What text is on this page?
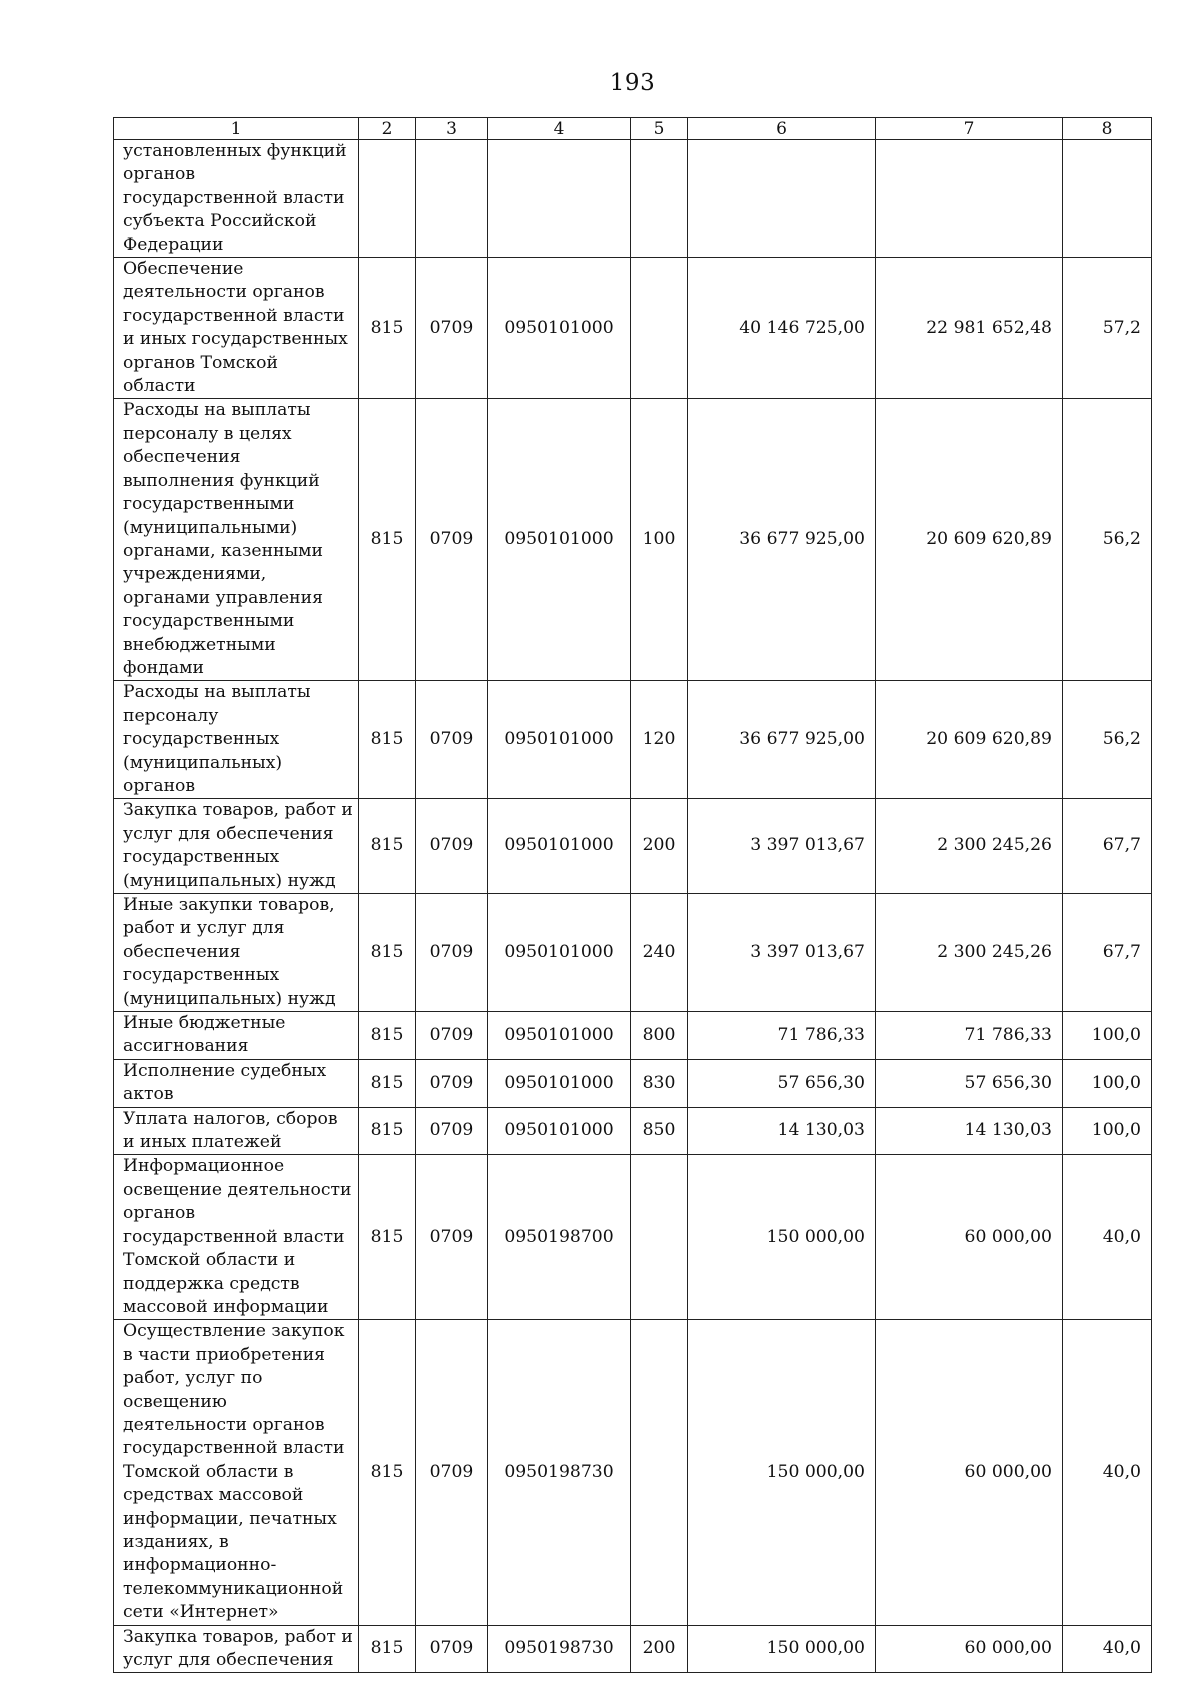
193
1	2	3	4	5	6	7	8
установленных функций органов государственной власти субъекта Российской Федерации							
Обеспечение деятельности органов государственной власти и иных государственных органов Томской области	815	0709	0950101000		40 146 725,00	22 981 652,48	57,2
Расходы на выплаты персоналу в целях обеспечения выполнения функций государственными (муниципальными) органами, казенными учреждениями, органами управления государственными внебюджетными фондами	815	0709	0950101000	100	36 677 925,00	20 609 620,89	56,2
Расходы на выплаты персоналу государственных (муниципальных) органов	815	0709	0950101000	120	36 677 925,00	20 609 620,89	56,2
Закупка товаров, работ и услуг для обеспечения государственных (муниципальных) нужд	815	0709	0950101000	200	3 397 013,67	2 300 245,26	67,7
Иные закупки товаров, работ и услуг для обеспечения государственных (муниципальных) нужд	815	0709	0950101000	240	3 397 013,67	2 300 245,26	67,7
Иные бюджетные ассигнования	815	0709	0950101000	800	71 786,33	71 786,33	100,0
Исполнение судебных актов	815	0709	0950101000	830	57 656,30	57 656,30	100,0
Уплата налогов, сборов и иных платежей	815	0709	0950101000	850	14 130,03	14 130,03	100,0
Информационное освещение деятельности органов государственной власти Томской области и поддержка средств массовой информации	815	0709	0950198700		150 000,00	60 000,00	40,0
Осуществление закупок в части приобретения работ, услуг по освещению деятельности органов государственной власти Томской области в средствах массовой информации, печатных изданиях, в информационно-телекоммуникационной сети «Интернет»	815	0709	0950198730		150 000,00	60 000,00	40,0
Закупка товаров, работ и услуг для обеспечения	815	0709	0950198730	200	150 000,00	60 000,00	40,0
